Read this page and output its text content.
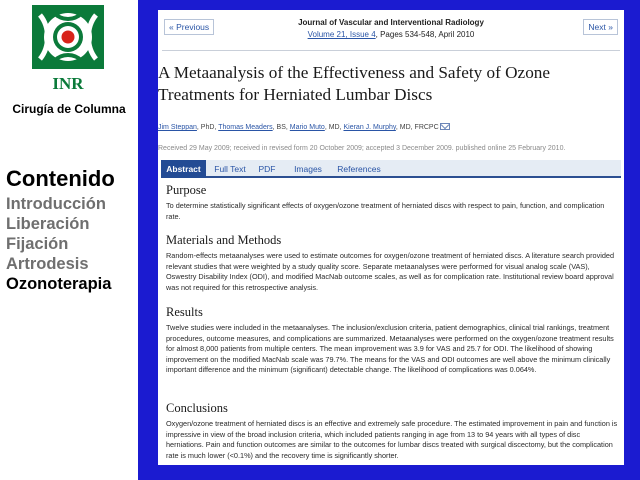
INR
Cirugía de Columna
Contenido
Introducción
Liberación
Fijación
Artrodesis
Ozonoterapia
« Previous	Journal of Vascular and Interventional Radiology
Volume 21, Issue 4, Pages 534-548, April 2010
Next »
A Metaanalysis of the Effectiveness and Safety of Ozone
Treatments for Herniated Lumbar Discs
Jim Steppan, PhD, Thomas Meaders, BS, Mario Muto, MD, Kieran J. Murphy, MD, FRCPC
Received 29 May 2009; received in revised form 20 October 2009; accepted 3 December 2009. published online 25 February 2010.
Abstract	Full Text	PDF	Images	References
Purpose
To determine statistically significant effects of oxygen/ozone treatment of herniated discs with respect to pain, function, and complication rate.
Materials and Methods
Random-effects metaanalyses were used to estimate outcomes for oxygen/ozone treatment of herniated discs. A literature search provided relevant studies that were weighted by a study quality score. Separate metaanalyses were performed for visual analog scale (VAS), Oswestry Disability Index (ODI), and modified MacNab outcome scales, as well as for complication rate. Institutional review board approval was not required for this retrospective analysis.
Results
Twelve studies were included in the metaanalyses. The inclusion/exclusion criteria, patient demographics, clinical trial rankings, treatment procedures, outcome measures, and complications are summarized. Metaanalyses were performed on the oxygen/ozone treatment results for almost 8,000 patients from multiple centers. The mean improvement was 3.9 for VAS and 25.7 for ODI. The likelihood of showing improvement on the modified MacNab scale was 79.7%. The means for the VAS and ODI outcomes are well above the minimum clinically important difference and the minimum (significant) detectable change. The likelihood of complications was 0.064%.
Conclusions
Oxygen/ozone treatment of herniated discs is an effective and extremely safe procedure. The estimated improvement in pain and function is impressive in view of the broad inclusion criteria, which included patients ranging in age from 13 to 94 years with all types of disc herniations. Pain and function outcomes are similar to the outcomes for lumbar discs treated with surgical discectomy, but the complication rate is much lower (<0.1%) and the recovery time is significantly shorter.
